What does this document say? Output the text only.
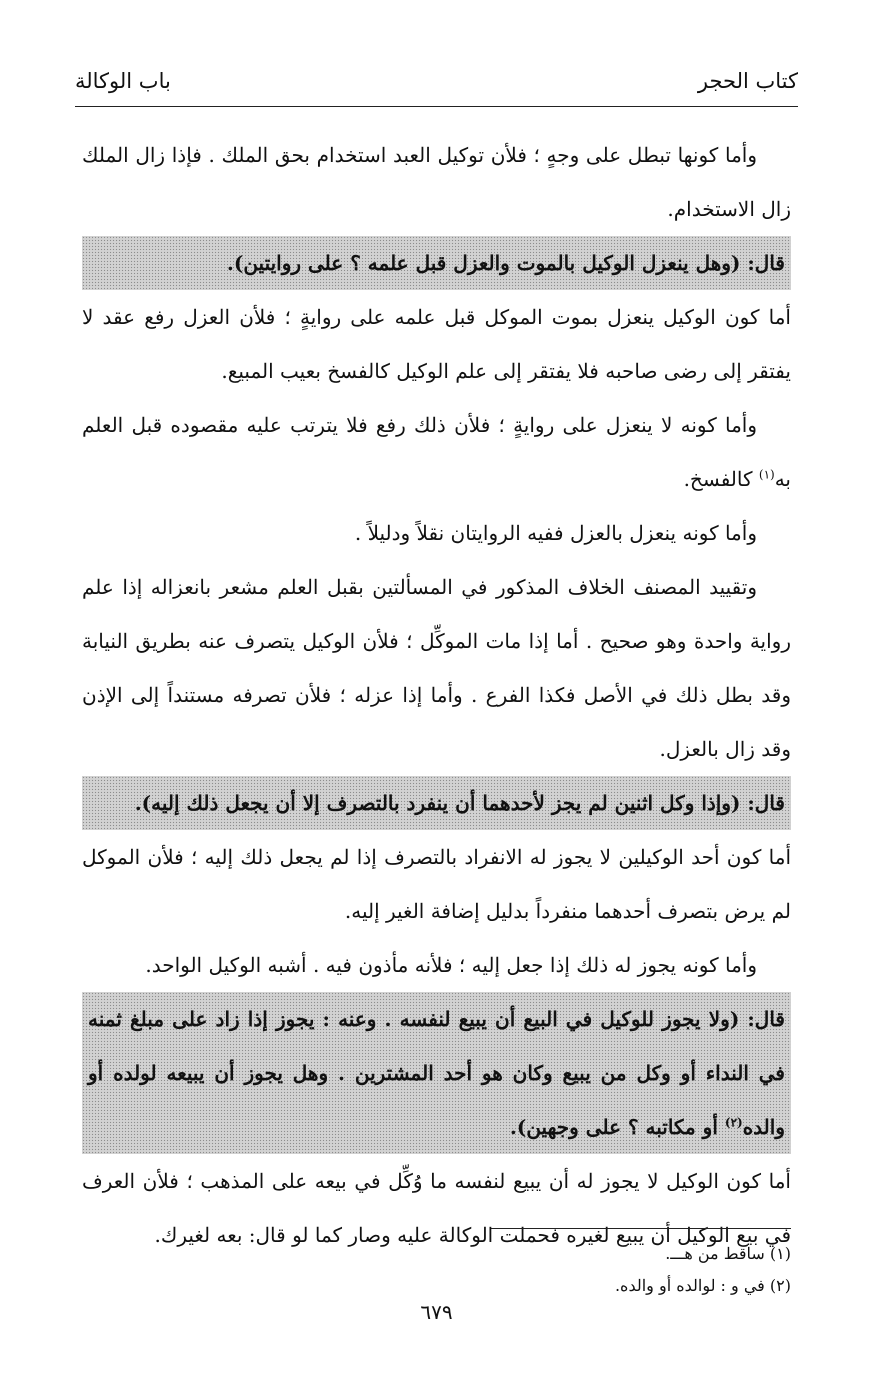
كتاب الحجر
باب الوكالة

وأما كونها تبطل على وجهٍ ؛ فلأن توكيل العبد استخدام بحق الملك . فإذا زال الملك زال الاستخدام.

قال: (وهل ينعزل الوكيل بالموت والعزل قبل علمه ؟ على روايتين).

أما كون الوكيل ينعزل بموت الموكل قبل علمه على روايةٍ ؛ فلأن العزل رفع عقد لا يفتقر إلى رضى صاحبه فلا يفتقر إلى علم الوكيل كالفسخ بعيب المبيع.

وأما كونه لا ينعزل على روايةٍ ؛ فلأن ذلك رفع فلا يترتب عليه مقصوده قبل العلم به$^{(١)}$ كالفسخ.

وأما كونه ينعزل بالعزل ففيه الروايتان نقلاً ودليلاً .

وتقييد المصنف الخلاف المذكور في المسألتين بقبل العلم مشعر بانعزاله إذا علم رواية واحدة وهو صحيح . أما إذا مات الموكِّل ؛ فلأن الوكيل يتصرف عنه بطريق النيابة وقد بطل ذلك في الأصل فكذا الفرع . وأما إذا عزله ؛ فلأن تصرفه مستنداً إلى الإذن وقد زال بالعزل.

قال: (وإذا وكل اثنين لم يجز لأحدهما أن ينفرد بالتصرف إلا أن يجعل ذلك إليه).

أما كون أحد الوكيلين لا يجوز له الانفراد بالتصرف إذا لم يجعل ذلك إليه ؛ فلأن الموكل لم يرض بتصرف أحدهما منفرداً بدليل إضافة الغير إليه.

وأما كونه يجوز له ذلك إذا جعل إليه ؛ فلأنه مأذون فيه . أشبه الوكيل الواحد.

قال: (ولا يجوز للوكيل في البيع أن يبيع لنفسه . وعنه : يجوز إذا زاد على مبلغ ثمنه في النداء أو وكل من يبيع وكان هو أحد المشترين . وهل يجوز أن يبيعه لولده أو والده$^{(٢)}$ أو مكاتبه ؟ على وجهين).

أما كون الوكيل لا يجوز له أن يبيع لنفسه ما وُكِّل في بيعه على المذهب ؛ فلأن العرف في بيع الوكيل أن يبيع لغيره فحملت الوكالة عليه وصار كما لو قال: بعه لغيرك.

(١) ساقط من هـــ.

(٢) في و : لوالده أو والده.

٦٧٩
